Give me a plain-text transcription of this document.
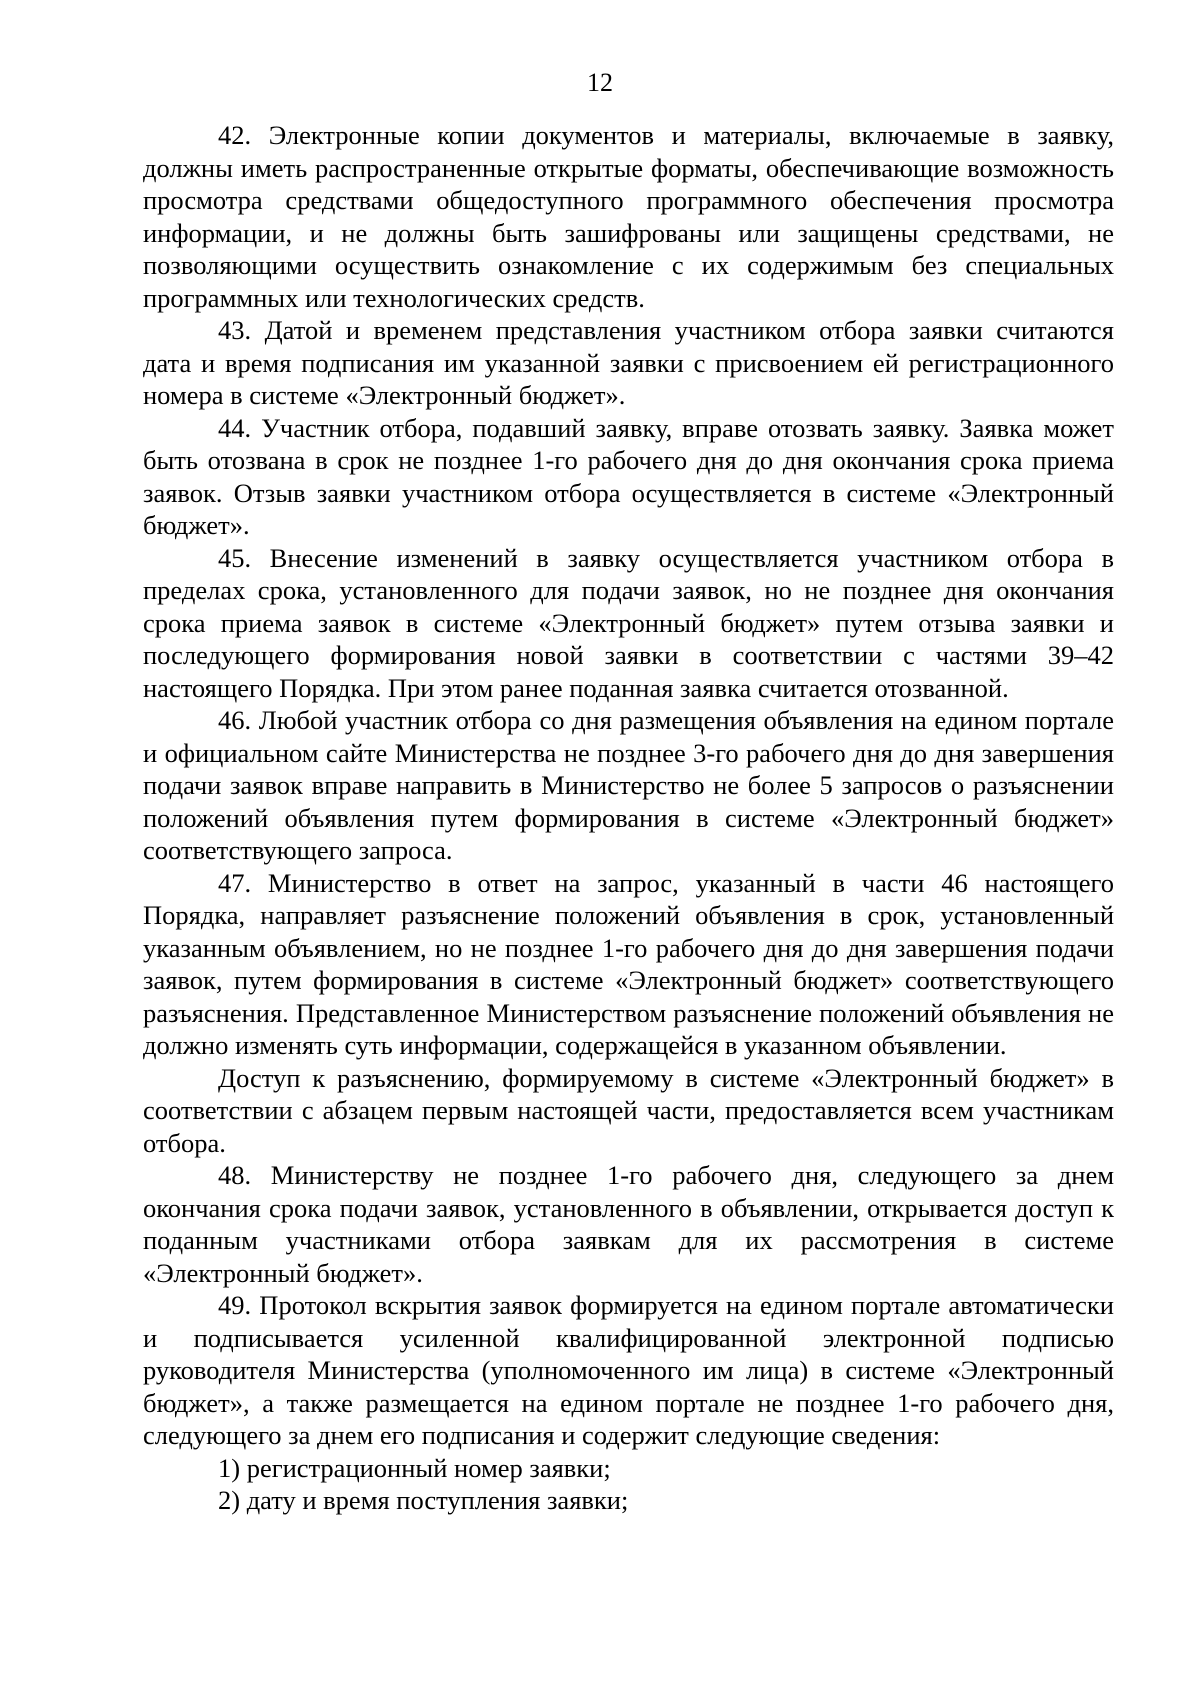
12

42. Электронные копии документов и материалы, включаемые в заявку, должны иметь распространенные открытые форматы, обеспечивающие возможность просмотра средствами общедоступного программного обеспечения просмотра информации, и не должны быть зашифрованы или защищены средствами, не позволяющими осуществить ознакомление с их содержимым без специальных программных или технологических средств.

43. Датой и временем представления участником отбора заявки считаются дата и время подписания им указанной заявки с присвоением ей регистрационного номера в системе «Электронный бюджет».

44. Участник отбора, подавший заявку, вправе отозвать заявку. Заявка может быть отозвана в срок не позднее 1-го рабочего дня до дня окончания срока приема заявок. Отзыв заявки участником отбора осуществляется в системе «Электронный бюджет».

45. Внесение изменений в заявку осуществляется участником отбора в пределах срока, установленного для подачи заявок, но не позднее дня окончания срока приема заявок в системе «Электронный бюджет» путем отзыва заявки и последующего формирования новой заявки в соответствии с частями 39–42 настоящего Порядка. При этом ранее поданная заявка считается отозванной.

46. Любой участник отбора со дня размещения объявления на едином портале и официальном сайте Министерства не позднее 3-го рабочего дня до дня завершения подачи заявок вправе направить в Министерство не более 5 запросов о разъяснении положений объявления путем формирования в системе «Электронный бюджет» соответствующего запроса.

47. Министерство в ответ на запрос, указанный в части 46 настоящего Порядка, направляет разъяснение положений объявления в срок, установленный указанным объявлением, но не позднее 1-го рабочего дня до дня завершения подачи заявок, путем формирования в системе «Электронный бюджет» соответствующего разъяснения. Представленное Министерством разъяснение положений объявления не должно изменять суть информации, содержащейся в указанном объявлении.

Доступ к разъяснению, формируемому в системе «Электронный бюджет» в соответствии с абзацем первым настоящей части, предоставляется всем участникам отбора.

48. Министерству не позднее 1-го рабочего дня, следующего за днем окончания срока подачи заявок, установленного в объявлении, открывается доступ к поданным участниками отбора заявкам для их рассмотрения в системе «Электронный бюджет».

49. Протокол вскрытия заявок формируется на едином портале автоматически и подписывается усиленной квалифицированной электронной подписью руководителя Министерства (уполномоченного им лица) в системе «Электронный бюджет», а также размещается на едином портале не позднее 1-го рабочего дня, следующего за днем его подписания и содержит следующие сведения:

1) регистрационный номер заявки;

2) дату и время поступления заявки;
